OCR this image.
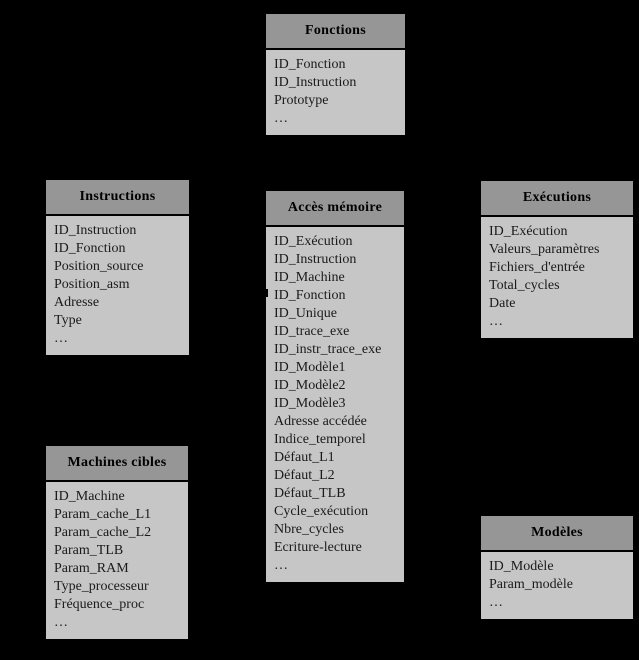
Fonctions
ID_Fonction
ID_Instruction
Prototype
…
Instructions
ID_Instruction
ID_Fonction
Position_source
Position_asm
Adresse
Type
…
Accès mémoire
ID_Exécution
ID_Instruction
ID_Machine
ID_Fonction
ID_Unique
ID_trace_exe
ID_instr_trace_exe
ID_Modèle1
ID_Modèle2
ID_Modèle3
Adresse accédée
Indice_temporel
Défaut_L1
Défaut_L2
Défaut_TLB
Cycle_exécution
Nbre_cycles
Ecriture-lecture
…
Exécutions
ID_Exécution
Valeurs_paramètres
Fichiers_d'entrée
Total_cycles
Date
…
Machines cibles
ID_Machine
Param_cache_L1
Param_cache_L2
Param_TLB
Param_RAM
Type_processeur
Fréquence_proc
…
Modèles
ID_Modèle
Param_modèle
…
